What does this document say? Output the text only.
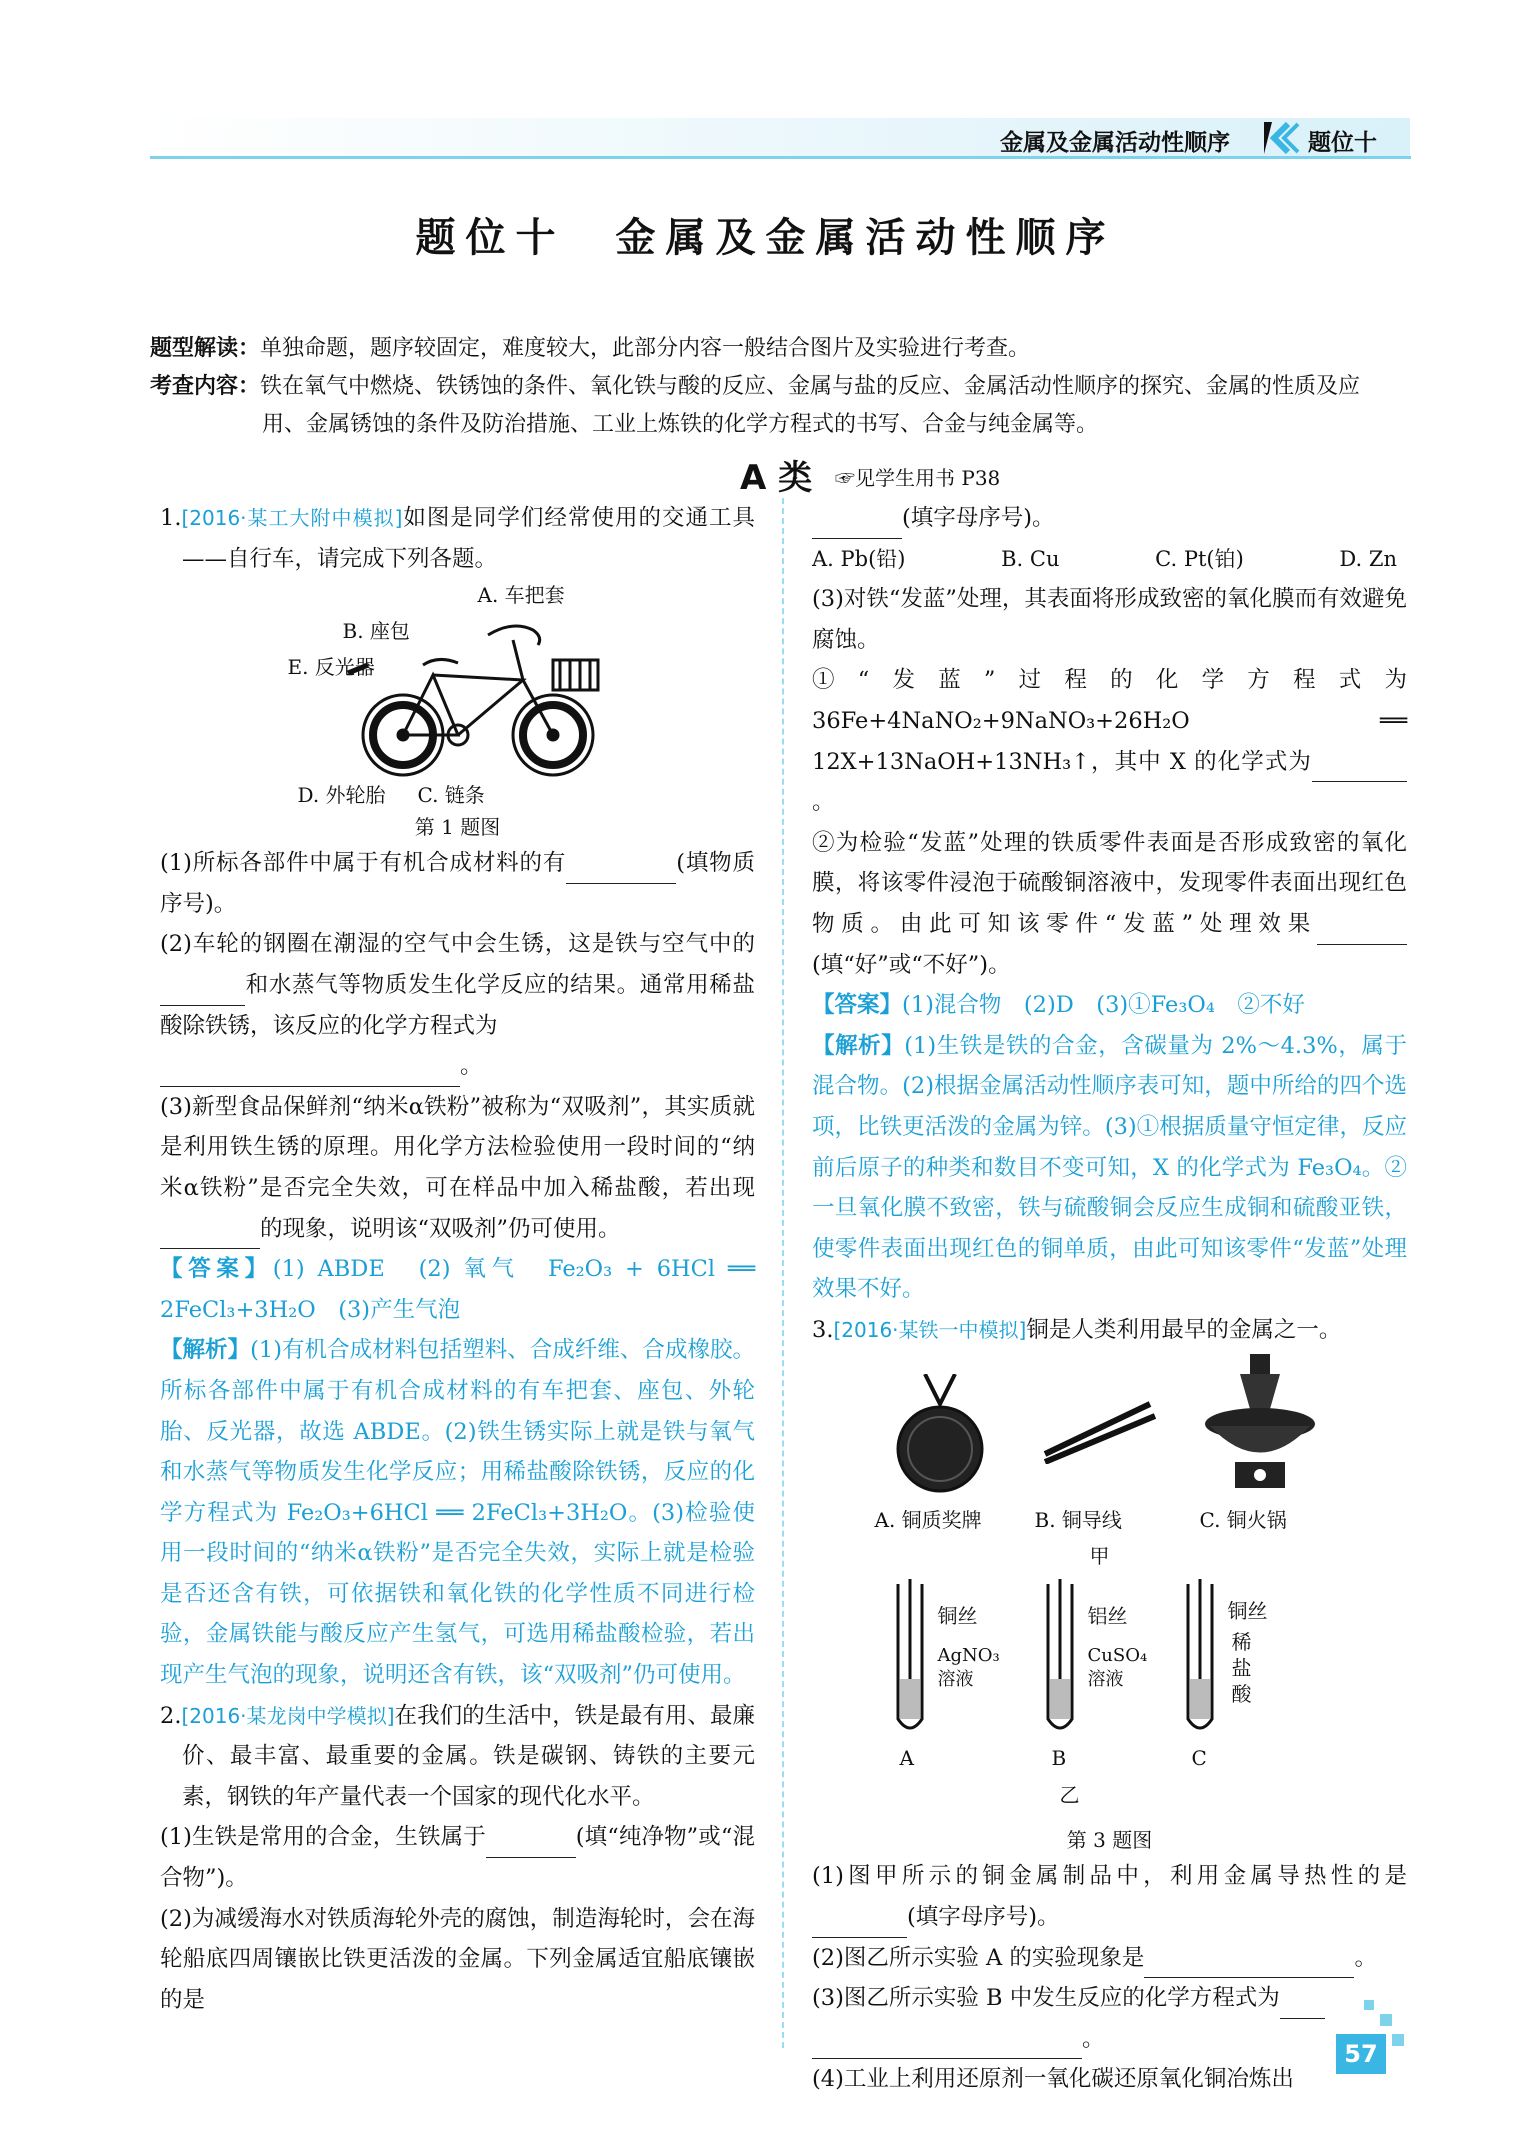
金属及金属活动性顺序	题位十
题位十　金属及金属活动性顺序
题型解读：单独命题，题序较固定，难度较大，此部分内容一般结合图片及实验进行考查。
考查内容：铁在氧气中燃烧、铁锈蚀的条件、氧化铁与酸的反应、金属与盐的反应、金属活动性顺序的探究、金属的性质及应用、金属锈蚀的条件及防治措施、工业上炼铁的化学方程式的书写、合金与纯金属等。
A 类 ☞见学生用书 P38

1.[2016·某工大附中模拟]如图是同学们经常使用的交通工具——自行车，请完成下列各题。

A. 车把套
B. 座包
E. 反光器
D. 外轮胎 C. 链条
第 1 题图

(1)所标各部件中属于有机合成材料的有	(填物质序号)。

(2)车轮的钢圈在潮湿的空气中会生锈，这是铁与空气中的和水蒸气等物质发生化学反应的结果。通常用稀盐酸除铁锈，该反应的化学方程式为
。

(3)新型食品保鲜剂“纳米α铁粉”被称为“双吸剂”，其实质就是利用铁生锈的原理。用化学方法检验使用一段时间的“纳米α铁粉”是否完全失效，可在样品中加入稀盐酸，若出现的现象，说明该“双吸剂”仍可使用。

【答案】(1) ABDE　(2) 氧气　Fe₂O₃ + 6HCl ══ 2FeCl₃+3H₂O　(3)产生气泡

【解析】(1)有机合成材料包括塑料、合成纤维、合成橡胶。所标各部件中属于有机合成材料的有车把套、座包、外轮胎、反光器，故选 ABDE。(2)铁生锈实际上就是铁与氧气和水蒸气等物质发生化学反应；用稀盐酸除铁锈，反应的化学方程式为 Fe₂O₃+6HCl ══ 2FeCl₃+3H₂O。(3)检验使用一段时间的“纳米α铁粉”是否完全失效，实际上就是检验是否还含有铁，可依据铁和氧化铁的化学性质不同进行检验，金属铁能与酸反应产生氢气，可选用稀盐酸检验，若出现产生气泡的现象，说明还含有铁，该“双吸剂”仍可使用。

2.[2016·某龙岗中学模拟]在我们的生活中，铁是最有用、最廉价、最丰富、最重要的金属。铁是碳钢、铸铁的主要元素，钢铁的年产量代表一个国家的现代化水平。

(1)生铁是常用的合金，生铁属于	(填“纯净物”或“混合物”)。

(2)为减缓海水对铁质海轮外壳的腐蚀，制造海轮时，会在海轮船底四周镶嵌比铁更活泼的金属。下列金属适宜船底镶嵌的是

(填字母序号)。

A. Pb(铅)	B. Cu	C. Pt(铂)	D. Zn

(3)对铁“发蓝”处理，其表面将形成致密的氧化膜而有效避免腐蚀。

①“发蓝”过程的化学方程式为 36Fe+4NaNO₂+9NaNO₃+26H₂O ══ 12X+13NaOH+13NH₃↑，其中 X 的化学式为。

②为检验“发蓝”处理的铁质零件表面是否形成致密的氧化膜，将该零件浸泡于硫酸铜溶液中，发现零件表面出现红色物质。由此可知该零件“发蓝”处理效果(填“好”或“不好”)。

【答案】(1)混合物　(2)D　(3)①Fe₃O₄　②不好

【解析】(1)生铁是铁的合金，含碳量为 2%～4.3%，属于混合物。(2)根据金属活动性顺序表可知，题中所给的四个选项，比铁更活泼的金属为锌。(3)①根据质量守恒定律，反应前后原子的种类和数目不变可知，X 的化学式为 Fe₃O₄。②一旦氧化膜不致密，铁与硫酸铜会反应生成铜和硫酸亚铁，使零件表面出现红色的铜单质，由此可知该零件“发蓝”处理效果不好。

3.[2016·某铁一中模拟]铜是人类利用最早的金属之一。

A. 铜质奖牌	B. 铜导线	C. 铜火锅
甲
铜丝
AgNO₃ 溶液
铝丝
CuSO₄ 溶液
铜丝
稀盐酸
A	B	C
乙
第 3 题图

(1)图甲所示的铜金属制品中，利用金属导热性的是(填字母序号)。

(2)图乙所示实验 A 的实验现象是	。

(3)图乙所示实验 B 中发生反应的化学方程式为
。

(4)工业上利用还原剂一氧化碳还原氧化铜冶炼出

57
